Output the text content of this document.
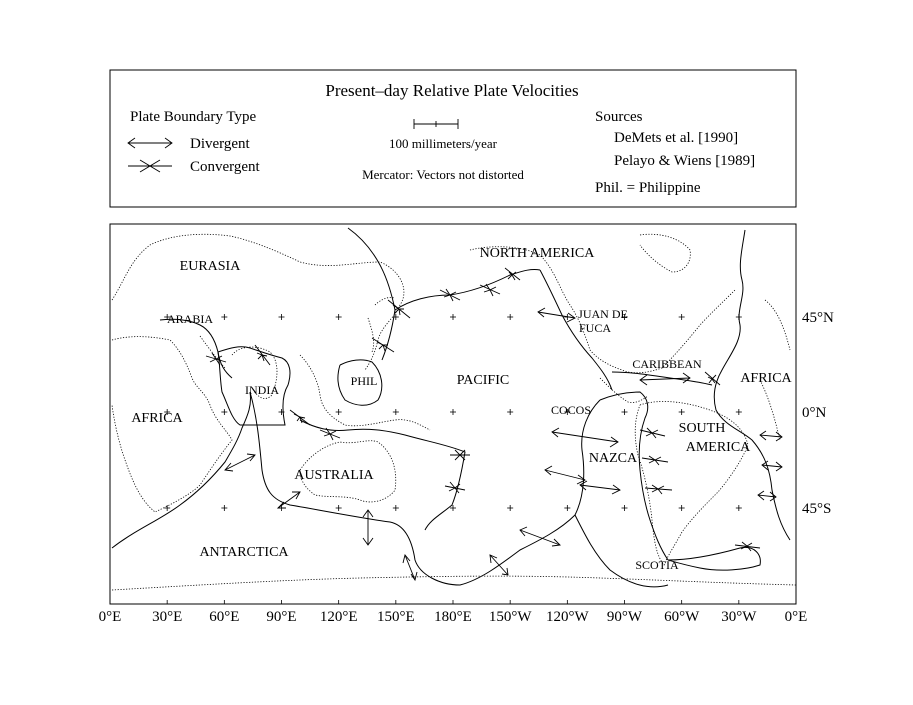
Present–day Relative Plate Velocities
Plate Boundary Type
Divergent
Convergent
100 millimeters/year
Mercator: Vectors not distorted
Sources
DeMets et al. [1990]
Pelayo & Wiens [1989]
Phil. = Philippine
EURASIA
ARABIA
INDIA
AFRICA
AUSTRALIA
ANTARCTICA
PHIL	PACIFIC
NORTH AMERICA
JUAN DE
FUCA
CARIBBEAN
COCOS
NAZCA
SOUTH
AMERICA
AFRICA
SCOTIA
0°E 30°E 60°E 90°E 120°E 150°E 180°E 150°W 120°W 90°W 60°W 30°W 0°E
45°N
0°N
45°S
